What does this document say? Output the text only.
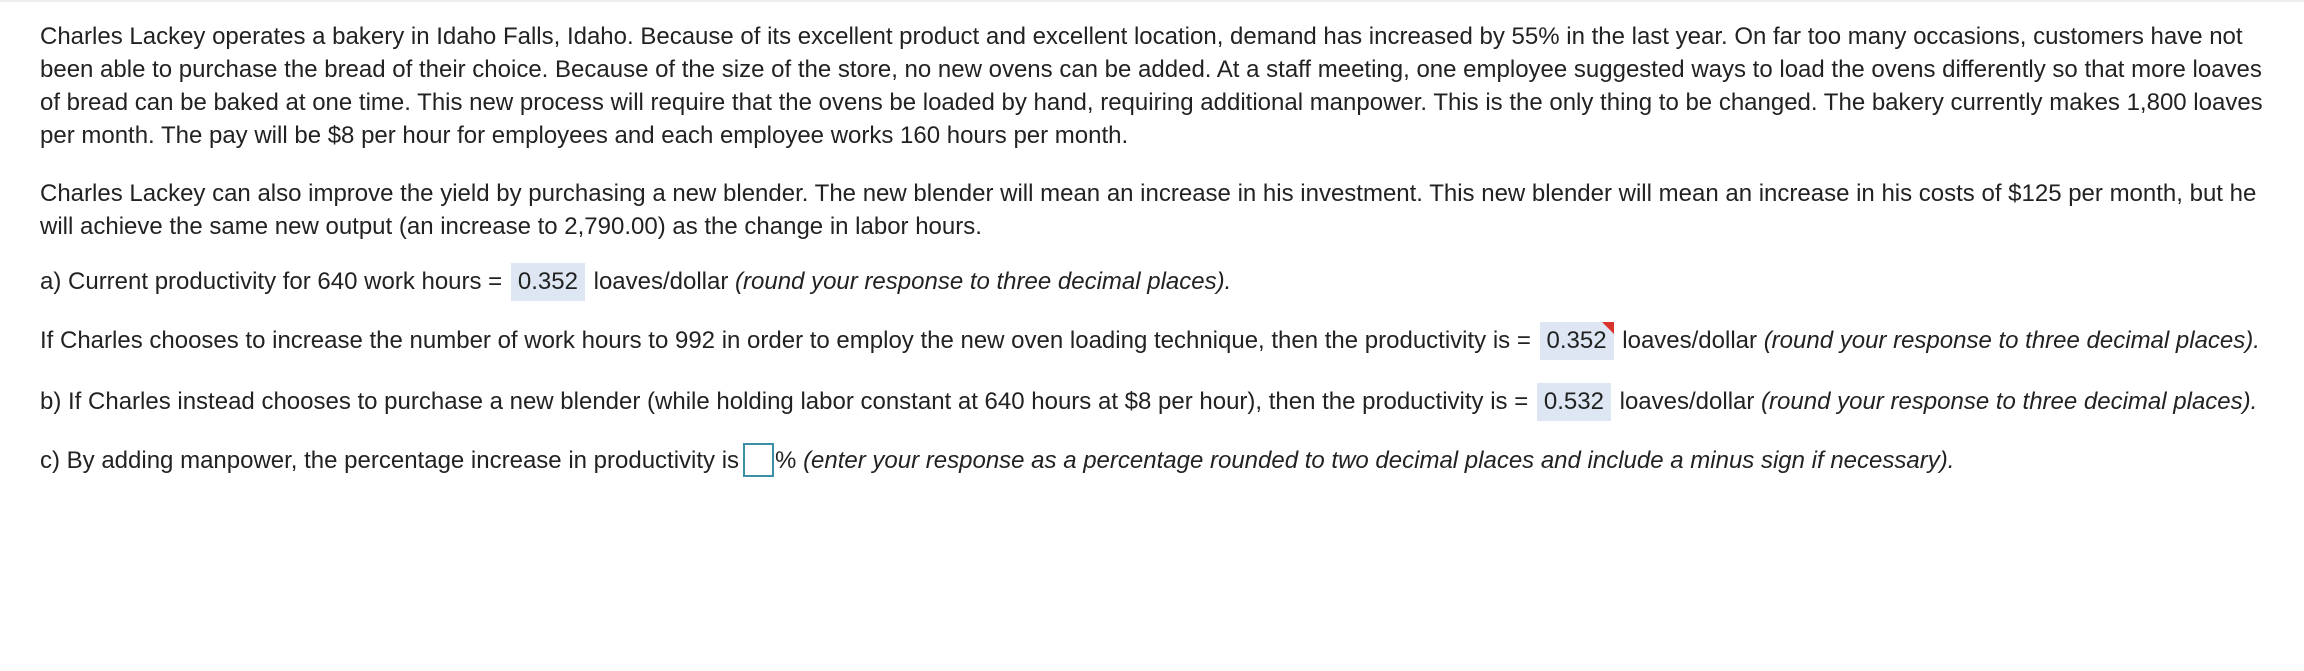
Charles Lackey operates a bakery in Idaho Falls, Idaho. Because of its excellent product and excellent location, demand has increased by 55% in the last year. On far too many occasions, customers have not been able to purchase the bread of their choice. Because of the size of the store, no new ovens can be added. At a staff meeting, one employee suggested ways to load the ovens differently so that more loaves of bread can be baked at one time. This new process will require that the ovens be loaded by hand, requiring additional manpower. This is the only thing to be changed. The bakery currently makes 1,800 loaves per month. The pay will be $8 per hour for employees and each employee works 160 hours per month.

Charles Lackey can also improve the yield by purchasing a new blender. The new blender will mean an increase in his investment. This new blender will mean an increase in his costs of $125 per month, but he will achieve the same new output (an increase to 2,790.00) as the change in labor hours.

a) Current productivity for 640 work hours = 0.352 loaves/dollar (round your response to three decimal places).

If Charles chooses to increase the number of work hours to 992 in order to employ the new oven loading technique, then the productivity is = 0.352 loaves/dollar (round your response to three decimal places).

b) If Charles instead chooses to purchase a new blender (while holding labor constant at 640 hours at $8 per hour), then the productivity is = 0.532 loaves/dollar (round your response to three decimal places).

c) By adding manpower, the percentage increase in productivity is % (enter your response as a percentage rounded to two decimal places and include a minus sign if necessary).
